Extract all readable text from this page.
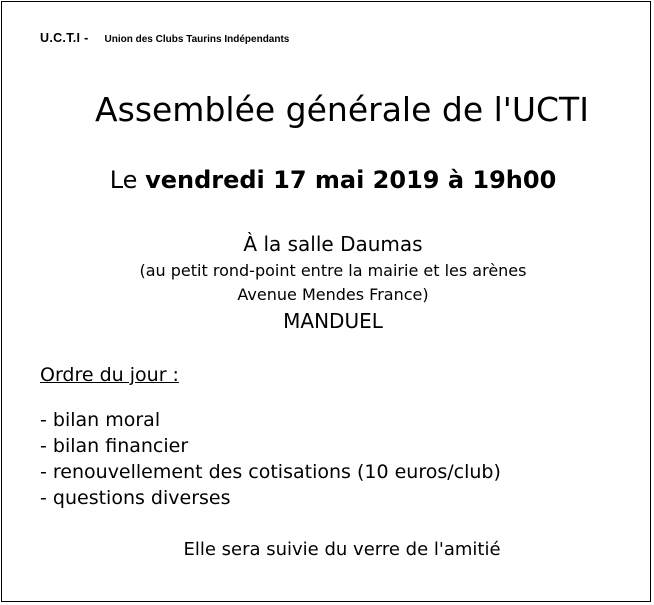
U.C.T.I - Union des Clubs Taurins Indépendants
Assemblée générale de l'UCTI
Le vendredi 17 mai 2019 à 19h00
À la salle Daumas
(au petit rond-point entre la mairie et les arènes
Avenue Mendes France)
MANDUEL
Ordre du jour :
- bilan moral
- bilan financier
- renouvellement des cotisations (10 euros/club)
- questions diverses
Elle sera suivie du verre de l'amitié
